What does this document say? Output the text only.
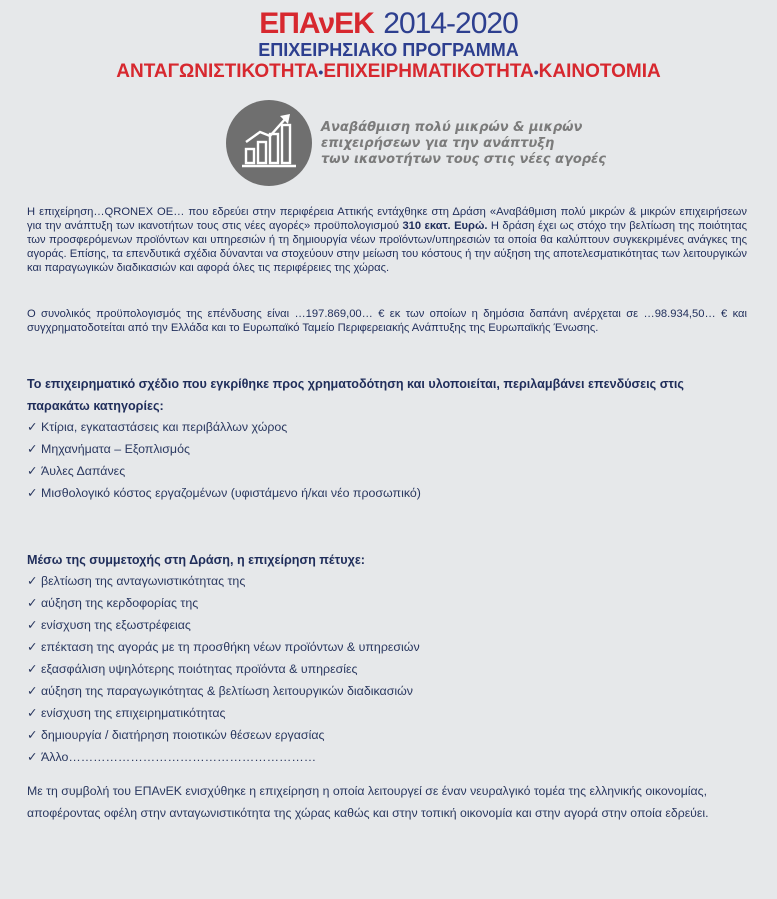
ΕΠΑνΕΚ 2014-2020
ΕΠΙΧΕΙΡΗΣΙΑΚΟ ΠΡΟΓΡΑΜΜΑ
ΑΝΤΑΓΩΝΙΣΤΙΚΟΤΗΤΑ•ΕΠΙΧΕΙΡΗΜΑΤΙΚΟΤΗΤΑ•ΚΑΙΝΟΤΟΜΙΑ
Αναβάθμιση πολύ μικρών & μικρών
επιχειρήσεων για την ανάπτυξη
των ικανοτήτων τους στις νέες αγορές
Η επιχείρηση…QRONEX OE… που εδρεύει στην περιφέρεια Αττικής εντάχθηκε στη Δράση «Αναβάθμιση πολύ μικρών & μικρών επιχειρήσεων για την ανάπτυξη των ικανοτήτων τους στις νέες αγορές» προϋπολογισμού 310 εκατ. Ευρώ. Η δράση έχει ως στόχο την βελτίωση της ποιότητας των προσφερόμενων προϊόντων και υπηρεσιών ή τη δημιουργία νέων προϊόντων/υπηρεσιών τα οποία θα καλύπτουν συγκεκριμένες ανάγκες της αγοράς. Επίσης, τα επενδυτικά σχέδια δύνανται να στοχεύουν στην μείωση του κόστους ή την αύξηση της αποτελεσματικότητας των λειτουργικών και παραγωγικών διαδικασιών και αφορά όλες τις περιφέρειες της χώρας.
Ο συνολικός προϋπολογισμός της επένδυσης είναι …197.869,00… € εκ των οποίων η δημόσια δαπάνη ανέρχεται σε …98.934,50… € και συγχρηματοδοτείται από την Ελλάδα και το Ευρωπαϊκό Ταμείο Περιφερειακής Ανάπτυξης της Ευρωπαϊκής Ένωσης.
Το επιχειρηματικό σχέδιο που εγκρίθηκε προς χρηματοδότηση και υλοποιείται, περιλαμβάνει επενδύσεις στις παρακάτω κατηγορίες:
✓ Κτίρια, εγκαταστάσεις και περιβάλλων χώρος
✓ Μηχανήματα – Εξοπλισμός
✓ Άυλες Δαπάνες
✓ Μισθολογικό κόστος εργαζομένων (υφιστάμενο ή/και νέο προσωπικό)
Μέσω της συμμετοχής στη Δράση, η επιχείρηση πέτυχε:
✓ βελτίωση της ανταγωνιστικότητας της
✓ αύξηση της κερδοφορίας της
✓ ενίσχυση της εξωστρέφειας
✓ επέκταση της αγοράς με τη προσθήκη νέων προϊόντων & υπηρεσιών
✓ εξασφάλιση υψηλότερης ποιότητας προϊόντα & υπηρεσίες
✓ αύξηση της παραγωγικότητας & βελτίωση λειτουργικών διαδικασιών
✓ ενίσχυση της επιχειρηματικότητας
✓ δημιουργία / διατήρηση ποιοτικών θέσεων εργασίας
✓ Άλλο……………………………………………………
Με τη συμβολή του ΕΠΑνΕΚ ενισχύθηκε η επιχείρηση η οποία λειτουργεί σε έναν νευραλγικό τομέα της ελληνικής οικονομίας, αποφέροντας οφέλη στην ανταγωνιστικότητα της χώρας καθώς και στην τοπική οικονομία και στην αγορά στην οποία εδρεύει.
